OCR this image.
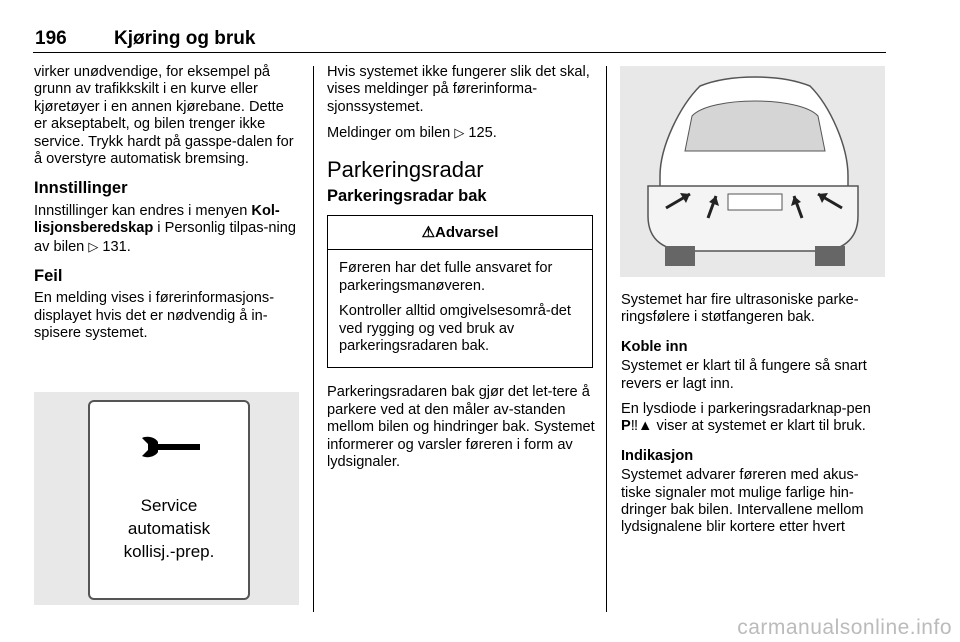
196 Kjøring og bruk

virker unødvendige, for eksempel på grunn av trafikkskilt i en kurve eller kjøretøyer i en annen kjørebane. Dette er akseptabelt, og bilen trenger ikke service. Trykk hardt på gasspe-dalen for å overstyre automatisk bremsing.

Innstillinger

Innstillinger kan endres i menyen Kol-lisjonsberedskap i Personlig tilpas-ning av bilen ▷ 131.

Feil

En melding vises i førerinformasjons-displayet hvis det er nødvendig å in-spisere systemet.

Service
automatisk
kollisj.-prep.

Hvis systemet ikke fungerer slik det skal, vises meldinger på førerinforma-sjonssystemet.

Meldinger om bilen ▷ 125.

Parkeringsradar
Parkeringsradar bak
⚠Advarsel

Føreren har det fulle ansvaret for parkeringsmanøveren.

Kontroller alltid omgivelsesområ-det ved rygging og ved bruk av parkeringsradaren bak.

Parkeringsradaren bak gjør det let-tere å parkere ved at den måler av-standen mellom bilen og hindringer bak. Systemet informerer og varsler føreren i form av lydsignaler.

Systemet har fire ultrasoniske parke-ringsfølere i støtfangeren bak.

Koble inn

Systemet er klart til å fungere så snart revers er lagt inn.

En lysdiode i parkeringsradarknap-pen P‼▲ viser at systemet er klart til bruk.

Indikasjon

Systemet advarer føreren med akus-tiske signaler mot mulige farlige hin-dringer bak bilen. Intervallene mellom lydsignalene blir kortere etter hvert

carmanualsonline.info
